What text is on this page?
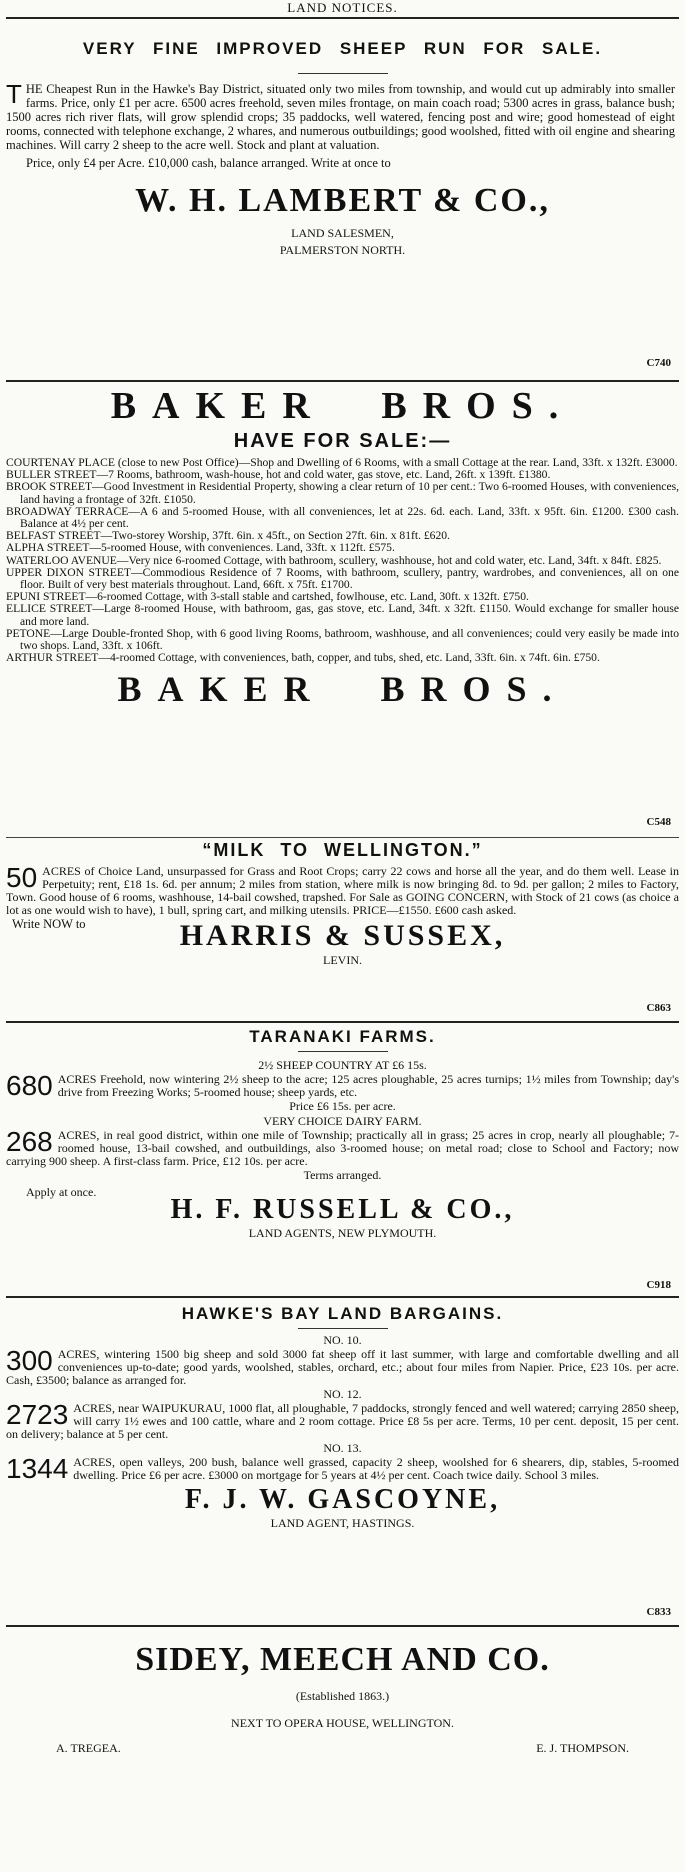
LAND NOTICES.
VERY FINE IMPROVED SHEEP RUN FOR SALE.
THE Cheapest Run in the Hawke's Bay District, situated only two miles from township, and would cut up admirably into smaller farms. Price, only £1 per acre. 6500 acres freehold, seven miles frontage, on main coach road; 5300 acres in grass, balance bush; 1500 acres rich river flats, will grow splendid crops; 35 paddocks, well watered, fencing post and wire; good homestead of eight rooms, connected with telephone exchange, 2 whares, and numerous outbuildings; good woolshed, fitted with oil engine and shearing machines. Will carry 2 sheep to the acre well. Stock and plant at valuation.
Price, only £4 per Acre. £10,000 cash, balance arranged. Write at once to
W. H. LAMBERT & CO.,
LAND SALESMEN,
PALMERSTON NORTH.
C740
BAKER BROS.
HAVE FOR SALE:—

COURTENAY PLACE (close to new Post Office)—Shop and Dwelling of 6 Rooms, with a small Cottage at the rear. Land, 33ft. x 132ft. £3000.

BULLER STREET—7 Rooms, bathroom, wash-house, hot and cold water, gas stove, etc. Land, 26ft. x 139ft. £1380.

BROOK STREET—Good Investment in Residential Property, showing a clear return of 10 per cent.: Two 6-roomed Houses, with conveniences, land having a frontage of 32ft. £1050.

BROADWAY TERRACE—A 6 and 5-roomed House, with all conveniences, let at 22s. 6d. each. Land, 33ft. x 95ft. 6in. £1200. £300 cash. Balance at 4½ per cent.

BELFAST STREET—Two-storey Worship, 37ft. 6in. x 45ft., on Section 27ft. 6in. x 81ft. £620.

ALPHA STREET—5-roomed House, with conveniences. Land, 33ft. x 112ft. £575.

WATERLOO AVENUE—Very nice 6-roomed Cottage, with bathroom, scullery, washhouse, hot and cold water, etc. Land, 34ft. x 84ft. £825.

UPPER DIXON STREET—Commodious Residence of 7 Rooms, with bathroom, scullery, pantry, wardrobes, and conveniences, all on one floor. Built of very best materials throughout. Land, 66ft. x 75ft. £1700.

EPUNI STREET—6-roomed Cottage, with 3-stall stable and cartshed, fowlhouse, etc. Land, 30ft. x 132ft. £750.

ELLICE STREET—Large 8-roomed House, with bathroom, gas, gas stove, etc. Land, 34ft. x 32ft. £1150. Would exchange for smaller house and more land.

PETONE—Large Double-fronted Shop, with 6 good living Rooms, bathroom, washhouse, and all conveniences; could very easily be made into two shops. Land, 33ft. x 106ft.

ARTHUR STREET—4-roomed Cottage, with conveniences, bath, copper, and tubs, shed, etc. Land, 33ft. 6in. x 74ft. 6in. £750.

BAKER BROS.
C548
“MILK TO WELLINGTON.”
50 ACRES of Choice Land, unsurpassed for Grass and Root Crops; carry 22 cows and horse all the year, and do them well. Lease in Perpetuity; rent, £18 1s. 6d. per annum; 2 miles from station, where milk is now bringing 8d. to 9d. per gallon; 2 miles to Factory, Town. Good house of 6 rooms, washhouse, 14-bail cowshed, trapshed. For Sale as GOING CONCERN, with Stock of 21 cows (as choice a lot as one would wish to have), 1 bull, spring cart, and milking utensils. PRICE—£1550. £600 cash asked.
Write NOW to	HARRIS & SUSSEX,
LEVIN.
C863
TARANAKI FARMS.
2½ SHEEP COUNTRY AT £6 15s.
680 ACRES Freehold, now wintering 2½ sheep to the acre; 125 acres ploughable, 25 acres turnips; 1½ miles from Township; day's drive from Freezing Works; 5-roomed house; sheep yards, etc.
Price £6 15s. per acre.
VERY CHOICE DAIRY FARM.
268 ACRES, in real good district, within one mile of Township; practically all in grass; 25 acres in crop, nearly all ploughable; 7-roomed house, 13-bail cowshed, and outbuildings, also 3-roomed house; on metal road; close to School and Factory; now carrying 900 sheep. A first-class farm. Price, £12 10s. per acre.
Terms arranged.
Apply at once.
H. F. RUSSELL & CO.,
LAND AGENTS, NEW PLYMOUTH.
C918
HAWKE'S BAY LAND BARGAINS.
NO. 10.
300 ACRES, wintering 1500 big sheep and sold 3000 fat sheep off it last summer, with large and comfortable dwelling and all conveniences up-to-date; good yards, woolshed, stables, orchard, etc.; about four miles from Napier. Price, £23 10s. per acre. Cash, £3500; balance as arranged for.
NO. 12.
2723 ACRES, near WAIPUKURAU, 1000 flat, all ploughable, 7 paddocks, strongly fenced and well watered; carrying 2850 sheep, will carry 1½ ewes and 100 cattle, whare and 2 room cottage. Price £8 5s per acre. Terms, 10 per cent. deposit, 15 per cent. on delivery; balance at 5 per cent.
NO. 13.
1344 ACRES, open valleys, 200 bush, balance well grassed, capacity 2 sheep, woolshed for 6 shearers, dip, stables, 5-roomed dwelling. Price £6 per acre. £3000 on mortgage for 5 years at 4½ per cent. Coach twice daily. School 3 miles.
F. J. W. GASCOYNE,
LAND AGENT, HASTINGS.
C833
SIDEY, MEECH AND CO.
(Established 1863.)
NEXT TO OPERA HOUSE, WELLINGTON.
A. TREGEA.	E. J. THOMPSON.
